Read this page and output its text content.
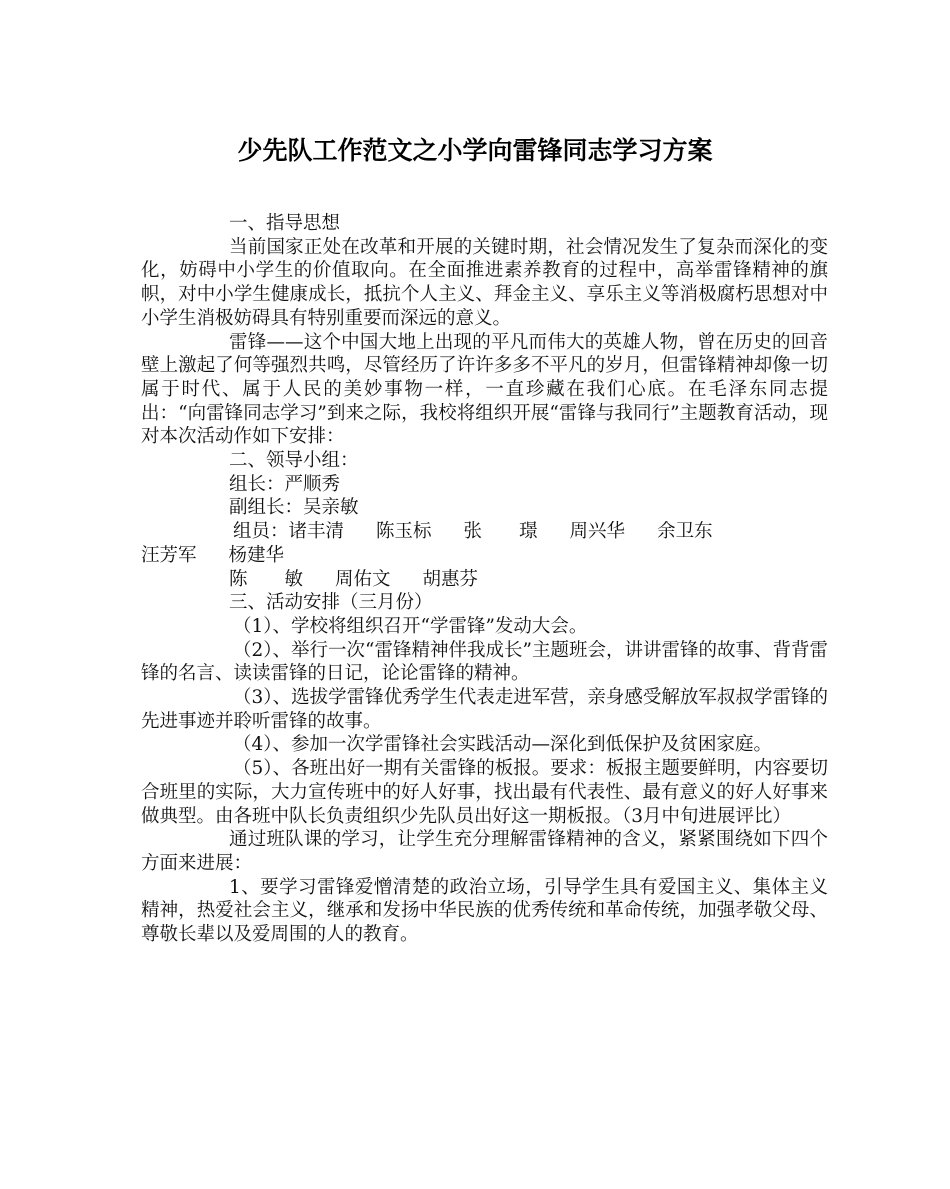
少先队工作范文之小学向雷锋同志学习方案

一、指导思想

当前国家正处在改革和开展的关键时期，社会情况发生了复杂而深化的变化，妨碍中小学生的价值取向。在全面推进素养教育的过程中，高举雷锋精神的旗帜，对中小学生健康成长，抵抗个人主义、拜金主义、享乐主义等消极腐朽思想对中小学生消极妨碍具有特别重要而深远的意义。

雷锋——这个中国大地上出现的平凡而伟大的英雄人物，曾在历史的回音壁上激起了何等强烈共鸣，尽管经历了许许多多不平凡的岁月，但雷锋精神却像一切属于时代、属于人民的美妙事物一样，一直珍藏在我们心底。在毛泽东同志提出：“向雷锋同志学习”到来之际，我校将组织开展“雷锋与我同行”主题教育活动，现对本次活动作如下安排：

二、领导小组：

组长：严顺秀

副组长：吴亲敏

组员：诸丰清 陈玉标 张　　璟 周兴华 余卫东

汪芳军 杨建华

陈　　敏 周佑文 胡惠芬

三、活动安排（三月份）

（1）、学校将组织召开“学雷锋”发动大会。

（2）、举行一次“雷锋精神伴我成长”主题班会，讲讲雷锋的故事、背背雷锋的名言、读读雷锋的日记，论论雷锋的精神。

（3）、选拔学雷锋优秀学生代表走进军营，亲身感受解放军叔叔学雷锋的先进事迹并聆听雷锋的故事。

（4）、参加一次学雷锋社会实践活动—深化到低保护及贫困家庭。

（5）、各班出好一期有关雷锋的板报。要求：板报主题要鲜明，内容要切合班里的实际，大力宣传班中的好人好事，找出最有代表性、最有意义的好人好事来做典型。由各班中队长负责组织少先队员出好这一期板报。（3月中旬进展评比）

通过班队课的学习，让学生充分理解雷锋精神的含义，紧紧围绕如下四个方面来进展：

1、要学习雷锋爱憎清楚的政治立场，引导学生具有爱国主义、集体主义精神，热爱社会主义，继承和发扬中华民族的优秀传统和革命传统，加强孝敬父母、尊敬长辈以及爱周围的人的教育。
